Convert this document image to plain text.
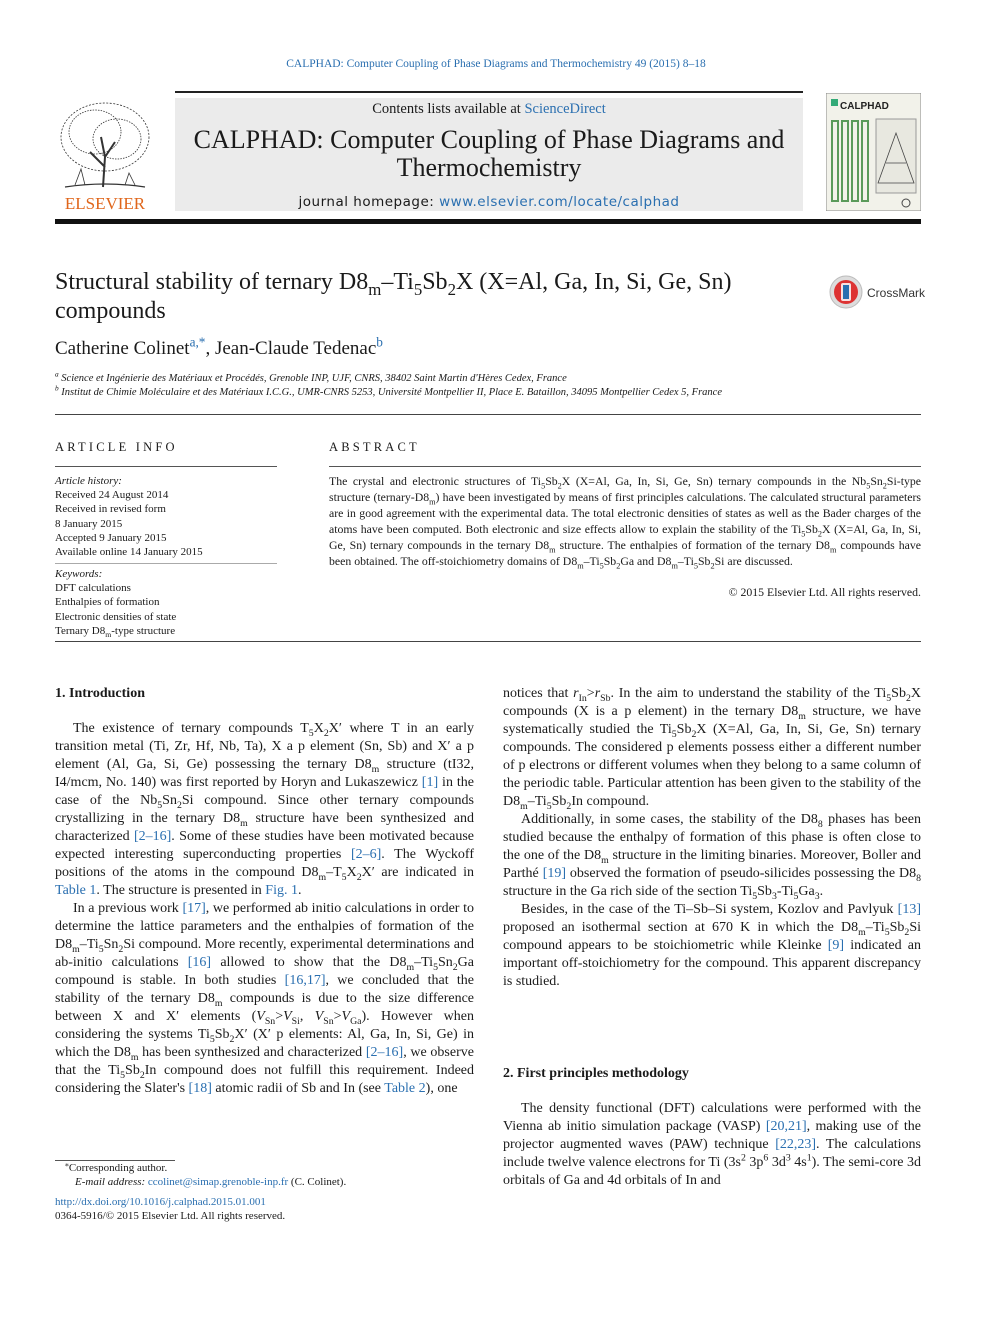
CALPHAD: Computer Coupling of Phase Diagrams and Thermochemistry 49 (2015) 8–18
ELSEVIER
Contents lists available at ScienceDirect
CALPHAD: Computer Coupling of Phase Diagrams and
Thermochemistry
journal homepage: www.elsevier.com/locate/calphad
CALPHAD
Structural stability of ternary $D8_m-Ti_5Sb_2X$ (X=Al, Ga, In, Si, Ge, Sn)
compounds
CrossMark
Catherine Colinet$^{a,*}$, Jean-Claude Tedenac$^b$
$^a$ Science et Ingénierie des Matériaux et Procédés, Grenoble INP, UJF, CNRS, 38402 Saint Martin d'Hères Cedex, France
$^b$ Institut de Chimie Moléculaire et des Matériaux I.C.G., UMR-CNRS 5253, Université Montpellier II, Place E. Bataillon, 34095 Montpellier Cedex 5, France
ARTICLE INFO	ABSTRACT
Article history:
Received 24 August 2014
Received in revised form
8 January 2015
Accepted 9 January 2015
Available online 14 January 2015
Keywords:
DFT calculations
Enthalpies of formation
Electronic densities of state
Ternary $D8_m$-type structure
The crystal and electronic structures of $Ti_5Sb_2X$ (X=Al, Ga, In, Si, Ge, Sn) ternary compounds in the $Nb_5Sn_2Si$-type structure $(ternary-D8_m)$ have been investigated by means of first principles calculations. The calculated structural parameters are in good agreement with the experimental data. The total electronic densities of states as well as the Bader charges of the atoms have been computed. Both electronic and size effects allow to explain the stability of the $Ti_5Sb_2X$ (X=Al, Ga, In, Si, Ge, Sn) ternary compounds in the ternary $D8_m$ structure. The enthalpies of formation of the ternary $D8_m$ compounds have been obtained. The off-stoichiometry domains of $D8_m-Ti_5Sb_2Ga$ and $D8_m-Ti_5Sb_2Si$ are discussed.
© 2015 Elsevier Ltd. All rights reserved.
1. Introduction

The existence of ternary compounds $T_5X_2X'$ where T in an early transition metal (Ti, Zr, Hf, Nb, Ta), X a p element (Sn, Sb) and X′ a p element (Al, Ga, Si, Ge) possessing the ternary $D8_m$ structure (tI32, I4/mcm, No. 140) was first reported by Horyn and Lukaszewicz [1] in the case of the $Nb_5Sn_2Si$ compound. Since other ternary compounds crystallizing in the ternary $D8_m$ structure have been synthesized and characterized [2–16]. Some of these studies have been motivated because expected interesting superconducting properties [2–6]. The Wyckoff positions of the atoms in the compound $D8_m-T_5X_2X'$ are indicated in Table 1. The structure is presented in Fig. 1.

In a previous work [17], we performed ab initio calculations in order to determine the lattice parameters and the enthalpies of formation of the $D8_m-Ti_5Sn_2Si$ compound. More recently, experimental determinations and ab-initio calculations [16] allowed to show that the $D8_m-Ti_5Sn_2Ga$ compound is stable. In both studies [16,17], we concluded that the stability of the ternary $D8_m$ compounds is due to the size difference between X and X′ elements ($V_{Sn}>V_{Si}$, $V_{Sn}>V_{Ga}$). However when considering the systems $Ti_5Sb_2X'$ (X′ p elements: Al, Ga, In, Si, Ge) in which the $D8_m$ has been synthesized and characterized [2–16], we observe that the $Ti_5Sb_2In$ compound does not fulfill this requirement. Indeed considering the Slater's [18] atomic radii of Sb and In (see Table 2), one

notices that $r_{In}>r_{Sb}$. In the aim to understand the stability of the $Ti_5Sb_2X$ compounds (X is a p element) in the ternary $D8_m$ structure, we have systematically studied the $Ti_5Sb_2X$ (X=Al, Ga, In, Si, Ge, Sn) ternary compounds. The considered p elements possess either a different number of p electrons or different volumes when they belong to a same column of the periodic table. Particular attention has been given to the stability of the $D8_m-Ti_5Sb_2In$ compound.

Additionally, in some cases, the stability of the $D8_8$ phases has been studied because the enthalpy of formation of this phase is often close to the one of the $D8_m$ structure in the limiting binaries. Moreover, Boller and Parthé [19] observed the formation of pseudo-silicides possessing the $D8_8$ structure in the Ga rich side of the section $Ti_5Sb_3-Ti_5Ga_3$.

Besides, in the case of the Ti–Sb–Si system, Kozlov and Pavlyuk [13] proposed an isothermal section at 670 K in which the $D8_m-Ti_5Sb_2Si$ compound appears to be stoichiometric while Kleinke [9] indicated an important off-stoichiometry for the compound. This apparent discrepancy is studied.

2. First principles methodology

The density functional (DFT) calculations were performed with the Vienna ab initio simulation package (VASP) [20,21], making use of the projector augmented waves (PAW) technique [22,23]. The calculations include twelve valence electrons for Ti ($3s^2$ $3p^6$ $3d^3$ $4s^1$). The semi-core 3d orbitals of Ga and 4d orbitals of In and

⁎Corresponding author.
E-mail address: ccolinet@simap.grenoble-inp.fr (C. Colinet).
http://dx.doi.org/10.1016/j.calphad.2015.01.001
0364-5916/© 2015 Elsevier Ltd. All rights reserved.
